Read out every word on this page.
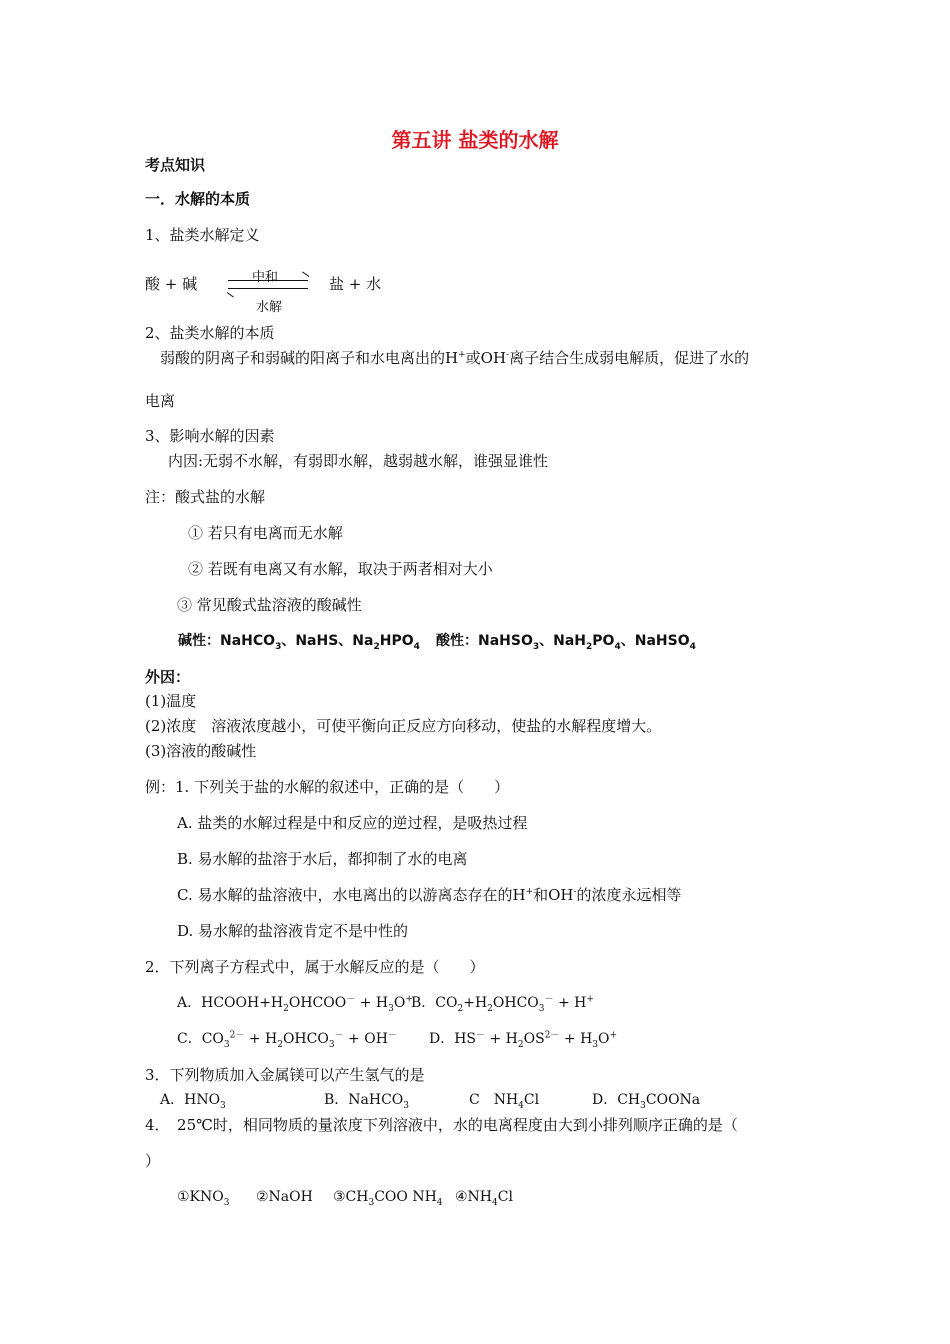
第五讲 盐类的水解
考点知识
一．水解的本质
1、盐类水解定义
酸 + 碱	中和
水解
盐 + 水
2、盐类水解的本质
弱酸的阴离子和弱碱的阳离子和水电离出的H+或OH-离子结合生成弱电解质，促进了水的
电离
3、影响水解的因素
内因:无弱不水解，有弱即水解，越弱越水解，谁强显谁性
注：酸式盐的水解
① 若只有电离而无水解
② 若既有电离又有水解，取决于两者相对大小
③ 常见酸式盐溶液的酸碱性
碱性：NaHCO$_3$、NaHS、$Na_2HPO_4$ 酸性：NaHSO$_3$、$NaH_2PO_4$、NaHSO$_4$
外因：
(1)温度
(2)浓度　溶液浓度越小，可使平衡向正反应方向移动，使盐的水解程度增大。
(3)溶液的酸碱性
例：1. 下列关于盐的水解的叙述中，正确的是（　　）
A. 盐类的水解过程是中和反应的逆过程，是吸热过程
B. 易水解的盐溶于水后，都抑制了水的电离
C. 易水解的盐溶液中，水电离出的以游离态存在的H+和OH-的浓度永远相等
D. 易水解的盐溶液肯定不是中性的
2．下列离子方程式中，属于水解反应的是（　　）
A．$HCOOH+H_2OHCOO^- + H_3O^+$
B．$CO_2+H_2OHCO_3^- + H^+$
C．$CO_3^{2-}$ + $H_2OHCO_3^- + OH^-$ D．$HS^- + H_2OS^{2-} + H_3O^+$
3．下列物质加入金属镁可以产生氢气的是
A．$HNO_3$	B．NaHCO$_3$	C　$NH_4Cl$	D．$CH_3COONa$
4．　25℃时，相同物质的量浓度下列溶液中，水的电离程度由大到小排列顺序正确的是（
）
$①KNO_3$ ②NaOH $③CH_3COO$ $NH_4$ $④NH_4Cl$
